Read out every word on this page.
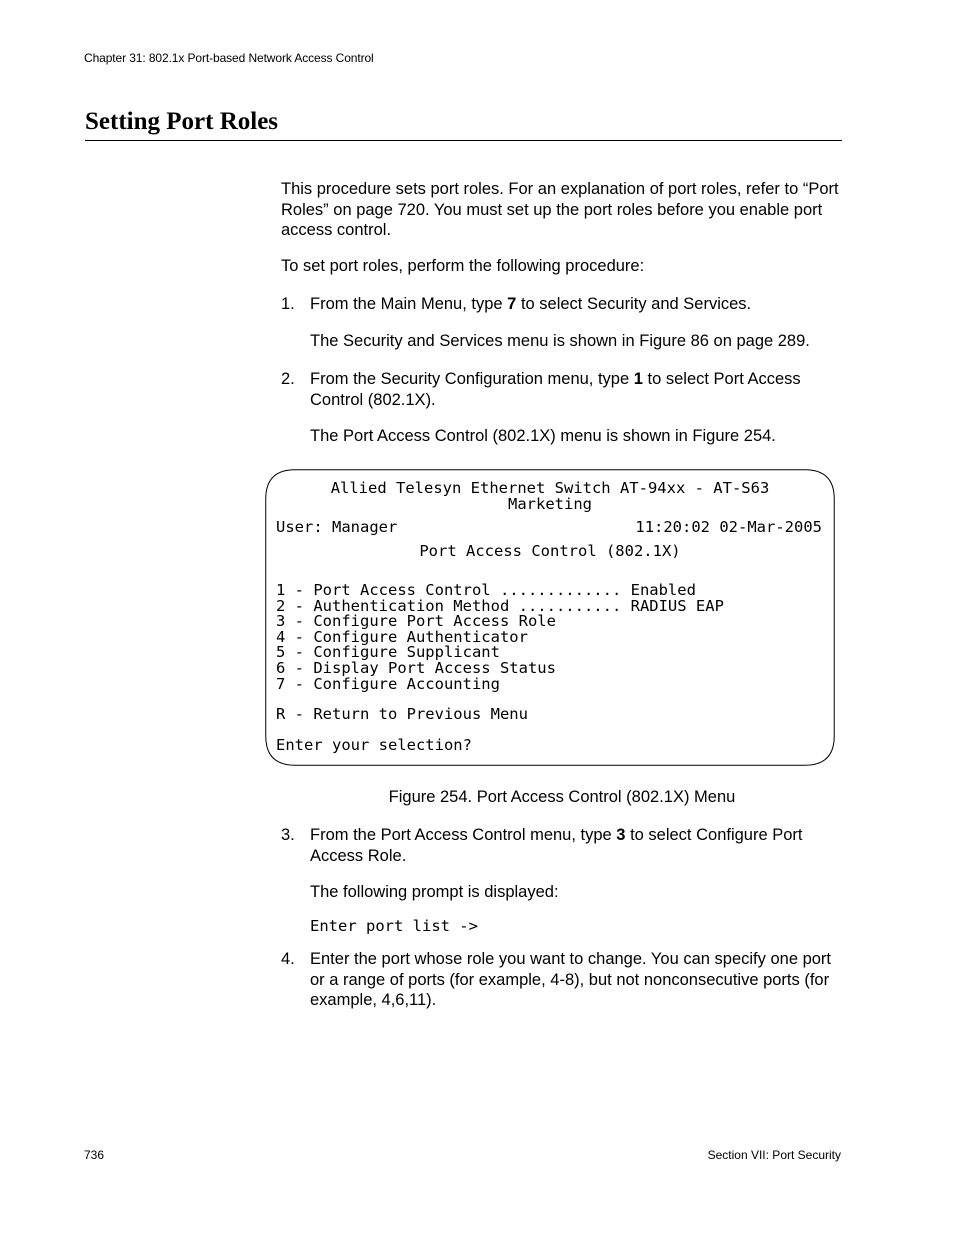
Chapter 31: 802.1x Port-based Network Access Control
Setting Port Roles

This procedure sets port roles. For an explanation of port roles, refer to “Port Roles” on page 720. You must set up the port roles before you enable port access control.

To set port roles, perform the following procedure:

1. From the Main Menu, type 7 to select Security and Services.

The Security and Services menu is shown in Figure 86 on page 289.

2. From the Security Configuration menu, type 1 to select Port Access Control (802.1X).

The Port Access Control (802.1X) menu is shown in Figure 254.

Allied Telesyn Ethernet Switch AT-94xx - AT-S63
Marketing
User: Manager	11:20:02 02-Mar-2005
Port Access Control (802.1X)
1 - Port Access Control ............. Enabled
2 - Authentication Method ........... RADIUS EAP
3 - Configure Port Access Role
4 - Configure Authenticator
5 - Configure Supplicant
6 - Display Port Access Status
7 - Configure Accounting
R - Return to Previous Menu
Enter your selection?
Figure 254. Port Access Control (802.1X) Menu
3. From the Port Access Control menu, type 3 to select Configure Port Access Role.

The following prompt is displayed:

Enter port list ->
4. Enter the port whose role you want to change. You can specify one port or a range of ports (for example, 4-8), but not nonconsecutive ports (for example, 4,6,11).

736	Section VII: Port Security
